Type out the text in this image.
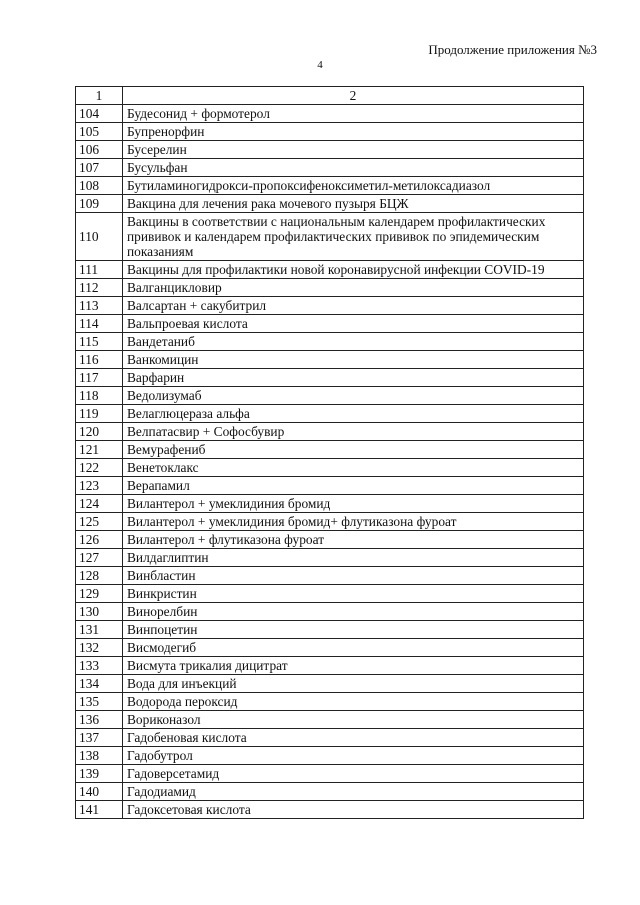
Продолжение приложения №3
4
1	2
104	Будесонид + формотерол
105	Бупренорфин
106	Бусерелин
107	Бусульфан
108	Бутиламиногидрокси-пропоксифеноксиметил-метилоксадиазол
109	Вакцина для лечения рака мочевого пузыря БЦЖ
110	Вакцины в соответствии с национальным календарем профилактических прививок и календарем профилактических прививок по эпидемическим показаниям
111	Вакцины для профилактики новой коронавирусной инфекции COVID-19
112	Валганцикловир
113	Валсартан + сакубитрил
114	Вальпроевая кислота
115	Вандетаниб
116	Ванкомицин
117	Варфарин
118	Ведолизумаб
119	Велаглюцераза альфа
120	Велпатасвир + Софосбувир
121	Вемурафениб
122	Венетоклакс
123	Верапамил
124	Вилантерол + умеклидиния бромид
125	Вилантерол + умеклидиния бромид+ флутиказона фуроат
126	Вилантерол + флутиказона фуроат
127	Вилдаглиптин
128	Винбластин
129	Винкристин
130	Винорелбин
131	Винпоцетин
132	Висмодегиб
133	Висмута трикалия дицитрат
134	Вода для инъекций
135	Водорода пероксид
136	Вориконазол
137	Гадобеновая кислота
138	Гадобутрол
139	Гадоверсетамид
140	Гадодиамид
141	Гадоксетовая кислота
